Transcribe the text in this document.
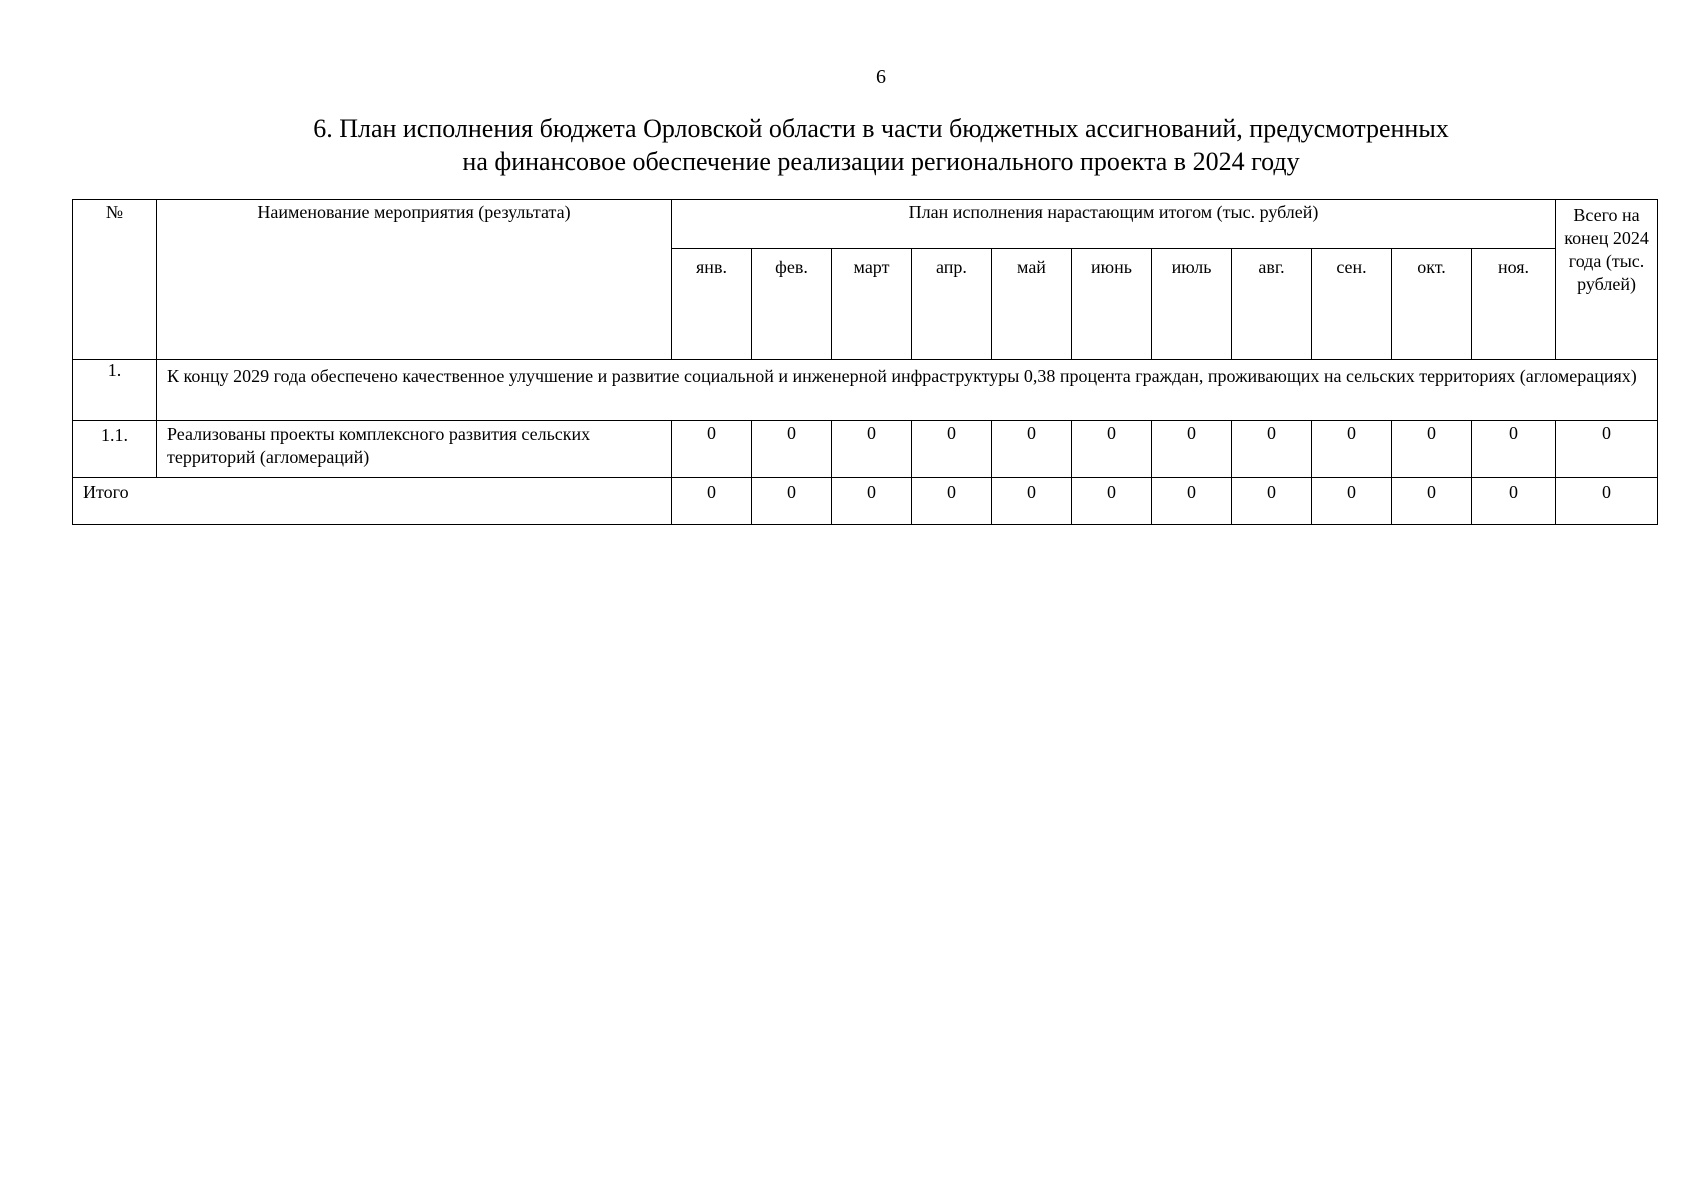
6
6. План исполнения бюджета Орловской области в части бюджетных ассигнований, предусмотренных
на финансовое обеспечение реализации регионального проекта в 2024 году
№	Наименование мероприятия (результата)	План исполнения нарастающим итогом (тыс. рублей)											Всего на конец 2024 года (тыс. рублей)
		янв.	фев.	март	апр.	май	июнь	июль	авг.	сен.	окт.	ноя.	
1.	К концу 2029 года обеспечено качественное улучшение и развитие социальной и инженерной инфраструктуры 0,38 процента граждан, проживающих на сельских территориях (агломерациях)												
1.1.	Реализованы проекты комплексного развития сельских территорий (агломераций)	0	0	0	0	0	0	0	0	0	0	0	0
Итого		0	0	0	0	0	0	0	0	0	0	0	0
